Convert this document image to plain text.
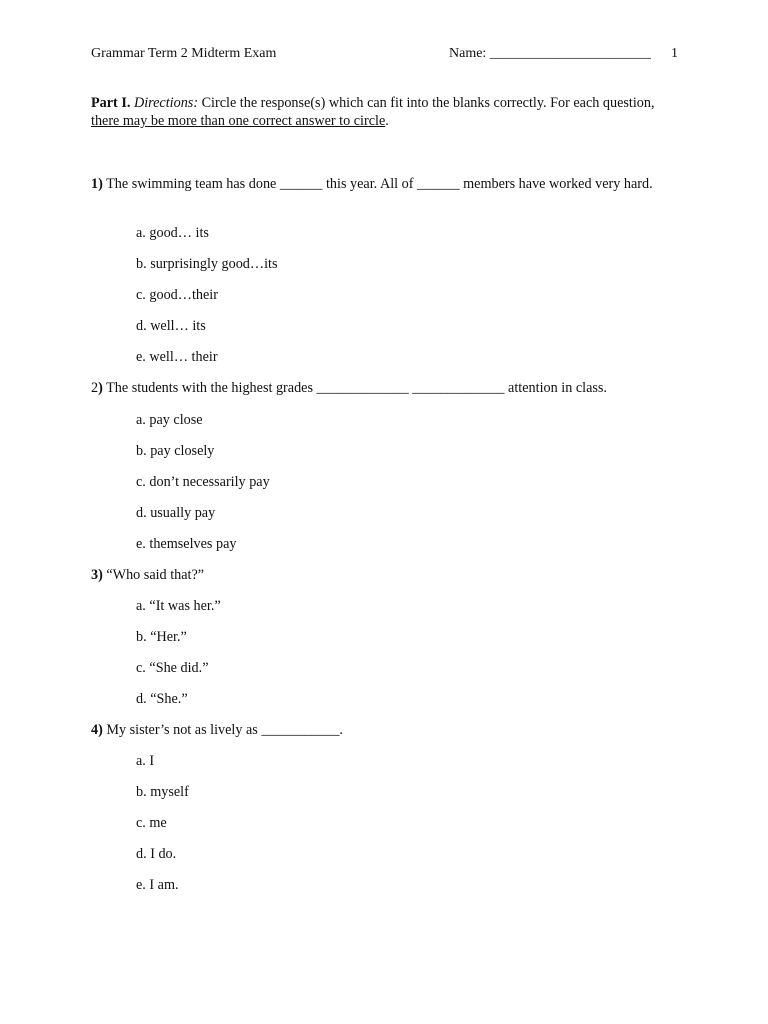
Grammar Term 2 Midterm Exam	Name: _______________________ 1
Part I. Directions: Circle the response(s) which can fit into the blanks correctly. For each question, there may be more than one correct answer to circle.
1) The swimming team has done ______ this year. All of ______ members have worked very hard.
a. good… its
b. surprisingly good…its
c. good…their
d. well… its
e. well… their
2) The students with the highest grades _____________ _____________ attention in class.
a. pay close
b. pay closely
c. don’t necessarily pay
d. usually pay
e. themselves pay
3) “Who said that?”
a. “It was her.”
b. “Her.”
c. “She did.”
d. “She.”
4) My sister’s not as lively as ___________.
a. I
b. myself
c. me
d. I do.
e. I am.
